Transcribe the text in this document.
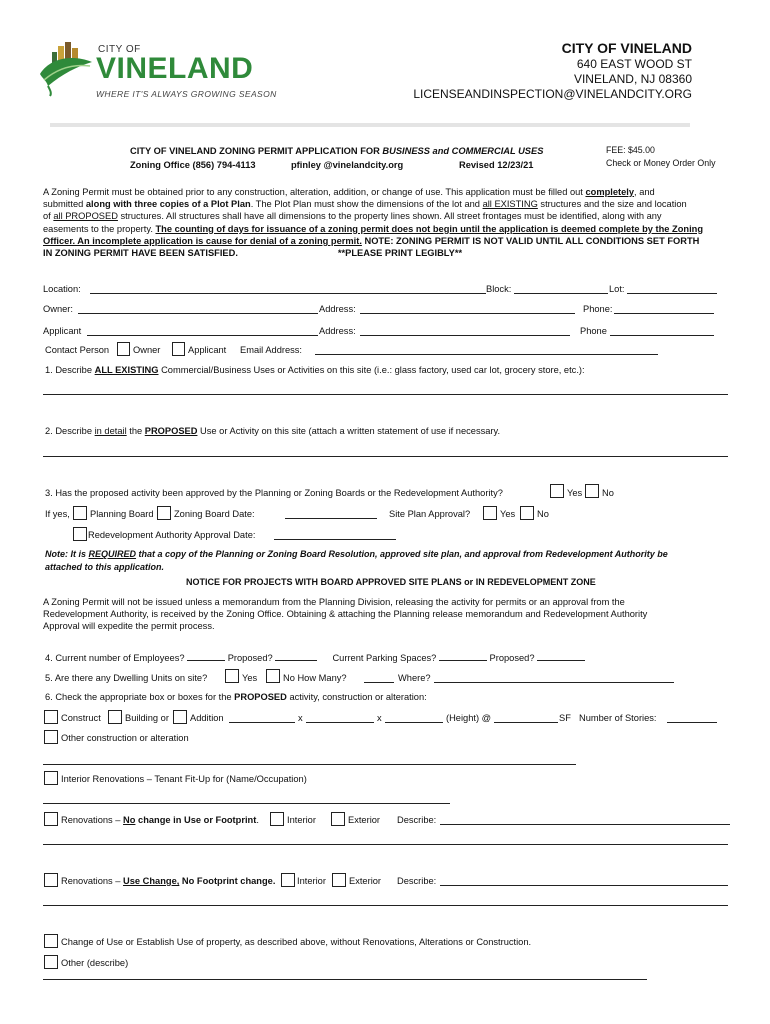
CITY OF
VINELAND
WHERE IT'S ALWAYS GROWING SEASON
CITY OF VINELAND
640 EAST WOOD ST
VINELAND, NJ 08360
LICENSEANDINSPECTION@VINELANDCITY.ORG
CITY OF VINELAND ZONING PERMIT APPLICATION FOR BUSINESS and COMMERCIAL USES
Zoning Office (856) 794-4113	pfinley @vinelandcity.org	Revised 12/23/21
FEE: $45.00
Check or Money Order Only
A Zoning Permit must be obtained prior to any construction, alteration, addition, or change of use. This application must be filled out completely, and
submitted along with three copies of a Plot Plan. The Plot Plan must show the dimensions of the lot and all EXISTING structures and the size and location
of all PROPOSED structures. All structures shall have all dimensions to the property lines shown. All street frontages must be identified, along with any
easements to the property. The counting of days for issuance of a zoning permit does not begin until the application is deemed complete by the Zoning
Officer. An incomplete application is cause for denial of a zoning permit. NOTE: ZONING PERMIT IS NOT VALID UNTIL ALL CONDITIONS SET FORTH
IN ZONING PERMIT HAVE BEEN SATISFIED.	**PLEASE PRINT LEGIBLY**
Location:	Block:	Lot:
Owner:	Address:	Phone:
Applicant	Address:	Phone
Contact Person	Owner	Applicant Email Address:
1. Describe ALL EXISTING Commercial/Business Uses or Activities on this site (i.e.: glass factory, used car lot, grocery store, etc.):
2. Describe in detail the PROPOSED Use or Activity on this site (attach a written statement of use if necessary.
3. Has the proposed activity been approved by the Planning or Zoning Boards or the Redevelopment Authority?	Yes No
If yes, Planning Board Zoning Board Date:	Site Plan Approval?	Yes No
Redevelopment Authority Approval Date:
Note: It is REQUIRED that a copy of the Planning or Zoning Board Resolution, approved site plan, and approval from Redevelopment Authority be
attached to this application.
NOTICE FOR PROJECTS WITH BOARD APPROVED SITE PLANS or IN REDEVELOPMENT ZONE
A Zoning Permit will not be issued unless a memorandum from the Planning Division, releasing the activity for permits or an approval from the
Redevelopment Authority, is received by the Zoning Office. Obtaining & attaching the Planning release memorandum and Redevelopment Authority
Approval will expedite the permit process.
4. Current number of Employees?	Proposed?	Current Parking Spaces?	Proposed?
5. Are there any Dwelling Units on site?	Yes	No How Many?	Where?
6. Check the appropriate box or boxes for the PROPOSED activity, construction or alteration:
Construct	Building or Addition	x	x	(Height) @	SF Number of Stories:
Other construction or alteration
Interior Renovations – Tenant Fit-Up for (Name/Occupation)
Renovations – No change in Use or Footprint.	Interior	Exterior Describe:
Renovations – Use Change, No Footprint change. Interior Exterior Describe:
Change of Use or Establish Use of property, as described above, without Renovations, Alterations or Construction.
Other (describe)
